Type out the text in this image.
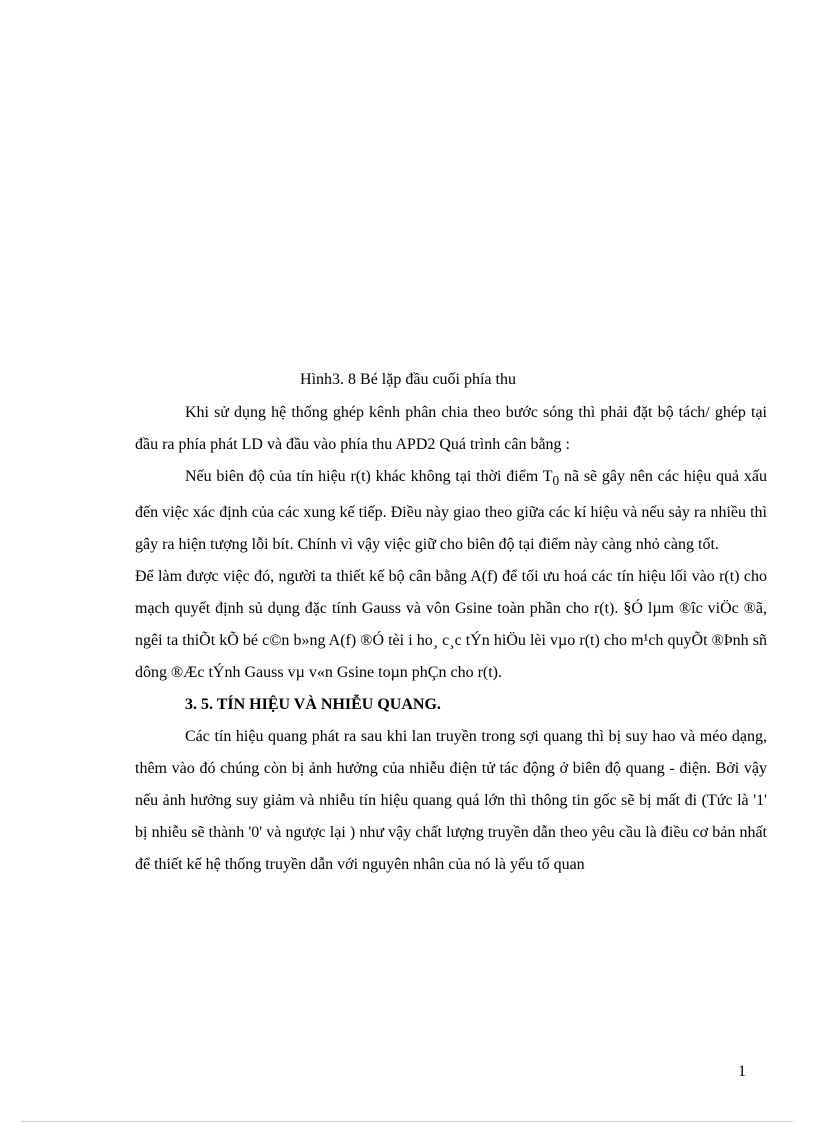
Hình3. 8 Bé lặp đầu cuối phía thu

Khi sử dụng hệ thống ghép kênh phân chia theo bước sóng thì phải đặt bộ tách/ ghép tại đầu ra phía phát LD và đầu vào phía thu APD2 Quá trình cân bằng :

Nếu biên độ của tín hiệu r(t) khác không tại thời điểm $T_0$ nã sẽ gây nên các hiệu quả xấu đến việc xác định của các xung kế tiếp. Điều này giao theo giữa các kí hiệu và nếu sảy ra nhiều thì gây ra hiện tượng lỗi bít. Chính vì vậy việc giữ cho biên độ tại điểm này càng nhỏ càng tốt.

Để làm được việc đó, người ta thiết kế bộ cân bằng A(f) để tối ưu hoá các tín hiệu lối vào r(t) cho mạch quyết định sủ dụng đặc tính Gauss và vôn Gsine toàn phần cho r(t). §Ó lµm ®îc viÖc ®ã, ngêi ta thiÕt kÕ bé c©n b»ng A(f) ®Ó tèi i ho¸ c¸c tÝn hiÖu lèi vµo r(t) cho m¹ch quyÕt ®Þnh sñ dông ®Æc tÝnh Gauss vµ v«n Gsine toµn phÇn cho r(t).

3. 5. TÍN HIỆU VÀ NHIỄU QUANG.

Các tín hiệu quang phát ra sau khi lan truyền trong sợi quang thì bị suy hao và méo dạng, thêm vào đó chúng còn bị ảnh hưởng của nhiễu điện tử tác động ở biên độ quang - điện. Bởi vậy nếu ảnh hưởng suy giảm và nhiễu tín hiệu quang quá lớn thì thông tin gốc sẽ bị mất đi (Tức là '1' bị nhiễu sẽ thành '0' và ngược lại ) như vậy chất lượng truyền dẫn theo yêu cầu là điều cơ bản nhất để thiết kế hệ thống truyền dẫn với nguyên nhân của nó là yếu tố quan

1
